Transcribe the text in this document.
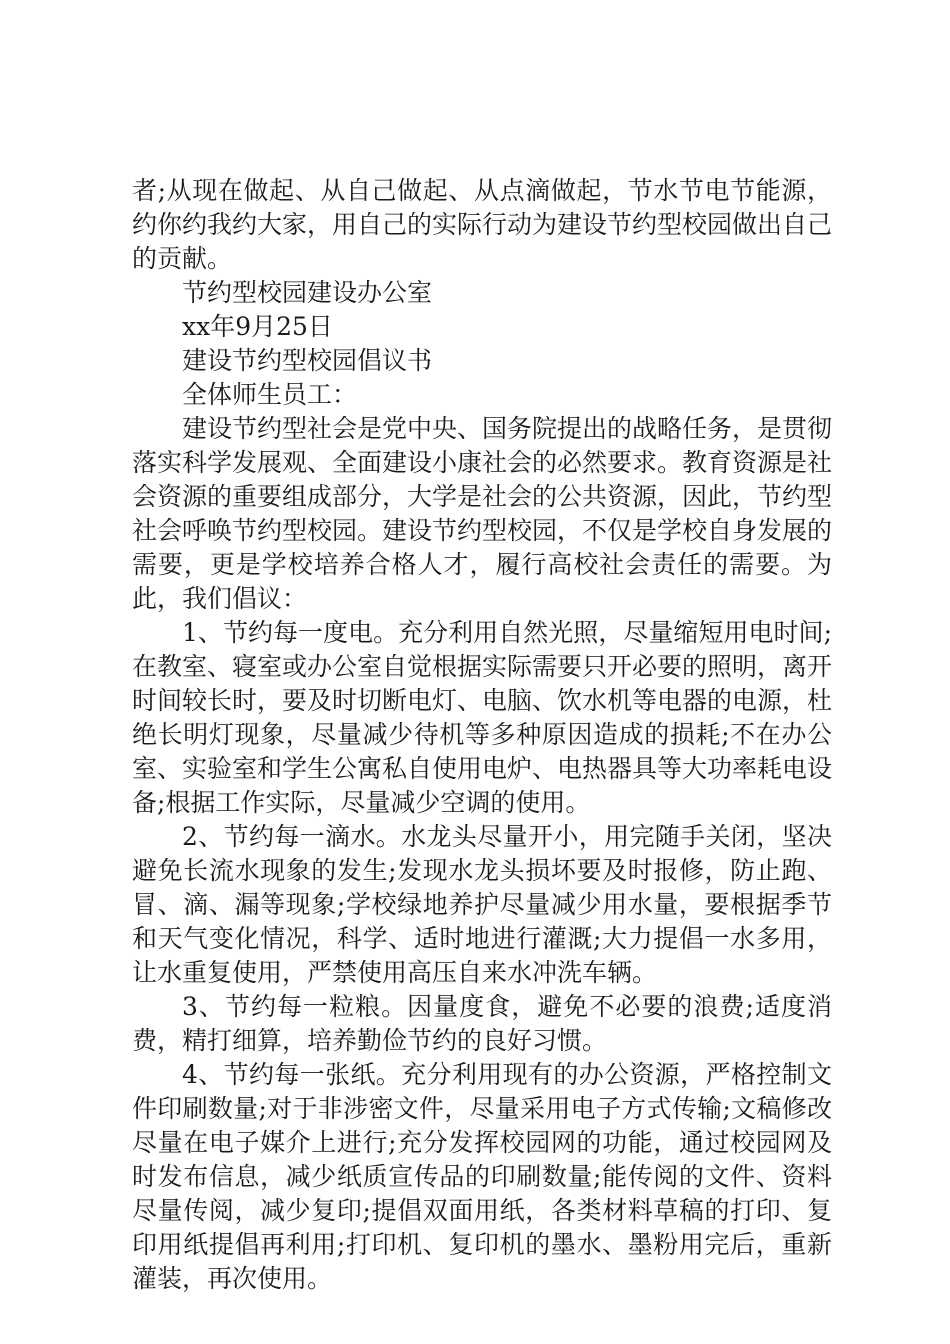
者;从现在做起、从自己做起、从点滴做起，节水节电节能源，约你约我约大家，用自己的实际行动为建设节约型校园做出自己的贡献。

节约型校园建设办公室

xx年9月25日

建设节约型校园倡议书

全体师生员工：

建设节约型社会是党中央、国务院提出的战略任务，是贯彻落实科学发展观、全面建设小康社会的必然要求。教育资源是社会资源的重要组成部分，大学是社会的公共资源，因此，节约型社会呼唤节约型校园。建设节约型校园，不仅是学校自身发展的需要，更是学校培养合格人才，履行高校社会责任的需要。为此，我们倡议：

1、节约每一度电。充分利用自然光照，尽量缩短用电时间;在教室、寝室或办公室自觉根据实际需要只开必要的照明，离开时间较长时，要及时切断电灯、电脑、饮水机等电器的电源，杜绝长明灯现象，尽量减少待机等多种原因造成的损耗;不在办公室、实验室和学生公寓私自使用电炉、电热器具等大功率耗电设备;根据工作实际，尽量减少空调的使用。

2、节约每一滴水。水龙头尽量开小，用完随手关闭，坚决避免长流水现象的发生;发现水龙头损坏要及时报修，防止跑、冒、滴、漏等现象;学校绿地养护尽量减少用水量，要根据季节和天气变化情况，科学、适时地进行灌溉;大力提倡一水多用，让水重复使用，严禁使用高压自来水冲洗车辆。

3、节约每一粒粮。因量度食，避免不必要的浪费;适度消费，精打细算，培养勤俭节约的良好习惯。

4、节约每一张纸。充分利用现有的办公资源，严格控制文件印刷数量;对于非涉密文件，尽量采用电子方式传输;文稿修改尽量在电子媒介上进行;充分发挥校园网的功能，通过校园网及时发布信息，减少纸质宣传品的印刷数量;能传阅的文件、资料尽量传阅，减少复印;提倡双面用纸，各类材料草稿的打印、复印用纸提倡再利用;打印机、复印机的墨水、墨粉用完后，重新灌装，再次使用。
